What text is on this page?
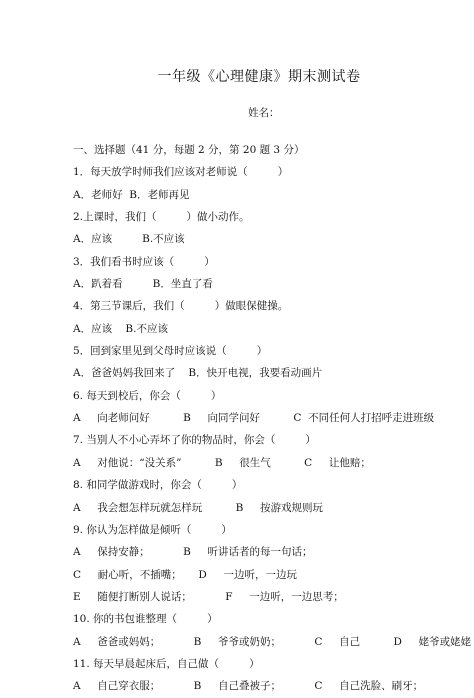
一年级《心理健康》期末测试卷
姓名：
一、选择题（41 分，每题 2 分，第 20 题 3 分）
1．每天放学时师我们应该对老师说（         ）
A．老师好  B．老师再见
2.上课时，我们（         ）做小动作。
A．应该         B.不应该
3．我们看书时应该（         ）
A．趴着看         B．坐直了看
4．第三节课后，我们（         ）做眼保健操。
A．应该    B.不应该
5．回到家里见到父母时应该说（         ）
A．爸爸妈妈我回来了    B．快开电视，我要看动画片
6. 每天到校后，你会（         ）
A     向老师问好          B     向同学问好          C  不同任何人打招呼走进班级
7. 当别人不小心弄坏了你的物品时，你会（         ）
A     对他说：“没关系”          B     很生气          C     让他赔；
8. 和同学做游戏时，你会（         ）
A     我会想怎样玩就怎样玩          B     按游戏规则玩
9. 你认为怎样做是倾听（         ）
A     保持安静；          B     听讲话者的每一句话；
C     耐心听，不插嘴；     D     一边听，一边玩
E     随便打断别人说话；          F     一边听，一边思考；
10. 你的书包谁整理（         ）
A     爸爸或妈妈；          B     爷爷或奶奶；          C     自己          D     姥爷或姥姥
11. 每天早晨起床后，自己做（         ）
A     自己穿衣服；          B     自己叠被子；          C     自己洗脸、刷牙；
